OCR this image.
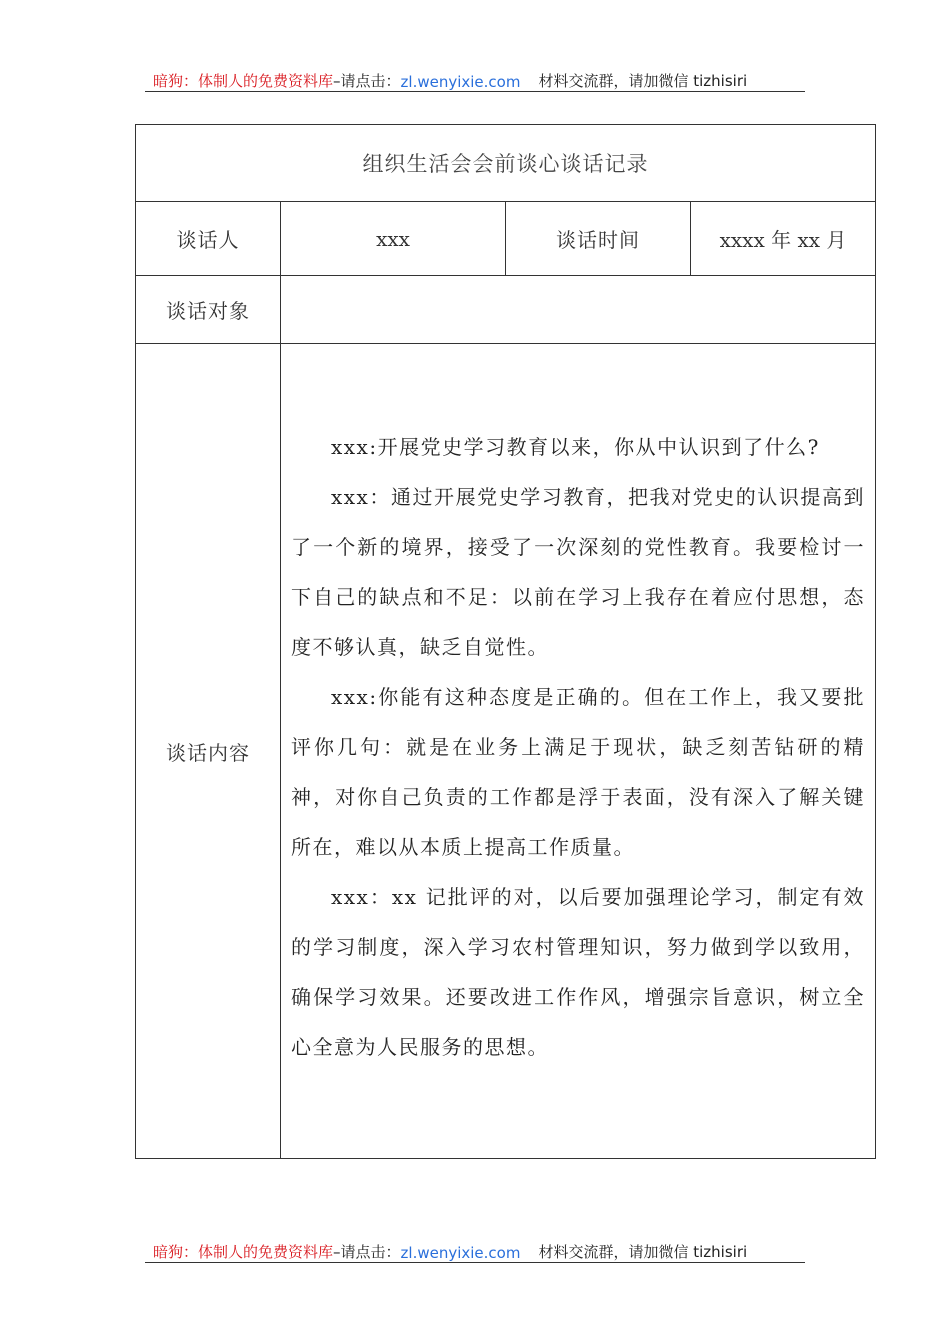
暗狗：体制人的免费资料库 –请点击： zl.wenyixie.com 材料交流群，请加微信 tizhisiri
组织生活会会前谈心谈话记录
谈话人	xxx	谈话时间	xxxx 年 xx 月
谈话对象
谈话内容

xxx:开展党史学习教育以来，你从中认识到了什么?

xxx：通过开展党史学习教育，把我对党史的认识提高到了一个新的境界，接受了一次深刻的党性教育。我要检讨一下自己的缺点和不足：以前在学习上我存在着应付思想，态度不够认真，缺乏自觉性。

xxx:你能有这种态度是正确的。但在工作上，我又要批评你几句：就是在业务上满足于现状，缺乏刻苦钻研的精神，对你自己负责的工作都是浮于表面，没有深入了解关键所在，难以从本质上提高工作质量。

xxx：xx 记批评的对，以后要加强理论学习，制定有效的学习制度，深入学习农村管理知识，努力做到学以致用，确保学习效果。还要改进工作作风，增强宗旨意识，树立全心全意为人民服务的思想。

暗狗：体制人的免费资料库 –请点击： zl.wenyixie.com 材料交流群，请加微信 tizhisiri
